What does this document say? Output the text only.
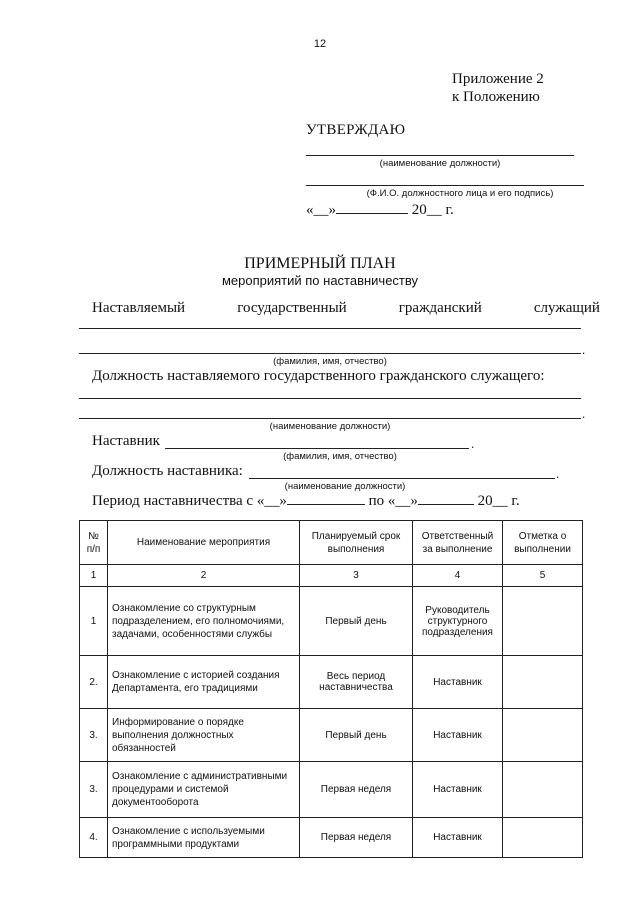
12
Приложение 2
к Положению
УТВЕРЖДАЮ
(наименование должности)
(Ф.И.О. должностного лица и его подпись)
«__»	20__ г.
ПРИМЕРНЫЙ ПЛАН
мероприятий по наставничеству
Наставляемый	государственный	гражданский	служащий
.
(фамилия, имя, отчество)
Должность наставляемого государственного гражданского служащего:
.
(наименование должности)
Наставник	.
(фамилия, имя, отчество)
Должность наставника:	.
(наименование должности)
Период наставничества с «__»	по «__»	20__ г.
№ п/п	Наименование мероприятия	Планируемый срок выполнения	Ответственный за выполнение	Отметка о выполнении
1	2	3	4	5
1	Ознакомление со структурным подразделением, его полномочиями, задачами, особенностями службы	Первый день	Руководитель структурного подразделения	
2.	Ознакомление с историей создания Департамента, его традициями	Весь период наставничества	Наставник	
3.	Информирование о порядке выполнения должностных обязанностей	Первый день	Наставник	
3.	Ознакомление с административными процедурами и системой документооборота	Первая неделя	Наставник	
4.	Ознакомление с используемыми программными продуктами	Первая неделя	Наставник	
